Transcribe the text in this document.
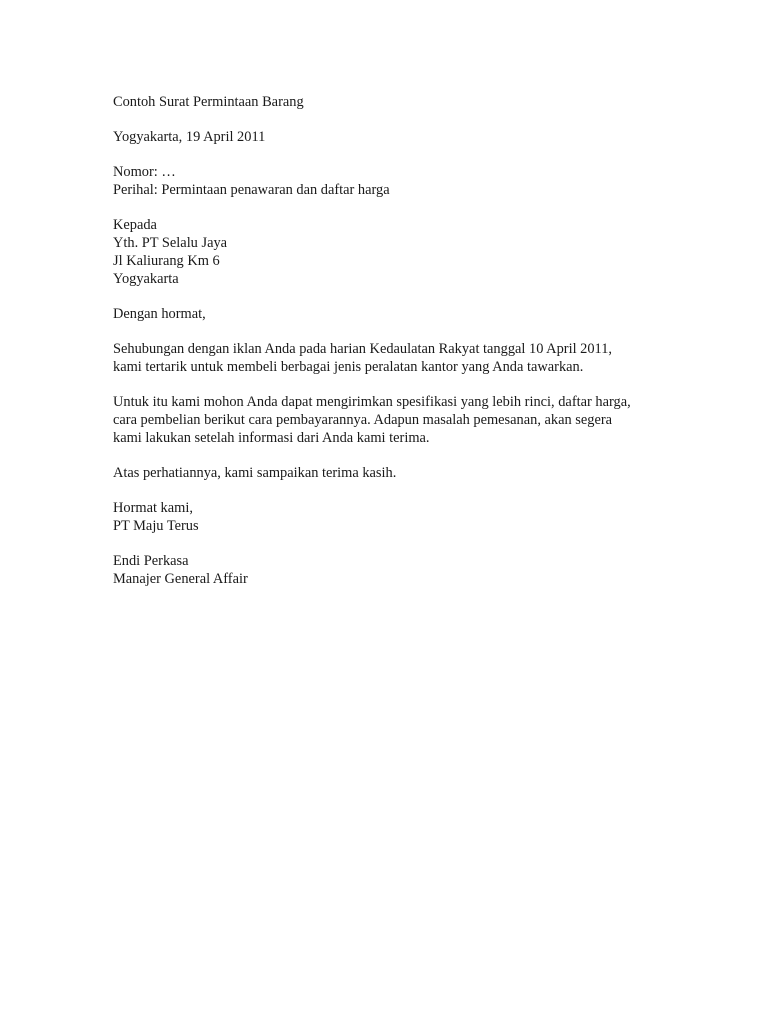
Contoh Surat Permintaan Barang
Yogyakarta, 19 April 2011
Nomor: …
Perihal: Permintaan penawaran dan daftar harga
Kepada
Yth. PT Selalu Jaya
Jl Kaliurang Km 6
Yogyakarta
Dengan hormat,
Sehubungan dengan iklan Anda pada harian Kedaulatan Rakyat tanggal 10 April 2011,
kami tertarik untuk membeli berbagai jenis peralatan kantor yang Anda tawarkan.
Untuk itu kami mohon Anda dapat mengirimkan spesifikasi yang lebih rinci, daftar harga,
cara pembelian berikut cara pembayarannya. Adapun masalah pemesanan, akan segera
kami lakukan setelah informasi dari Anda kami terima.
Atas perhatiannya, kami sampaikan terima kasih.
Hormat kami,
PT Maju Terus
Endi Perkasa
Manajer General Affair
